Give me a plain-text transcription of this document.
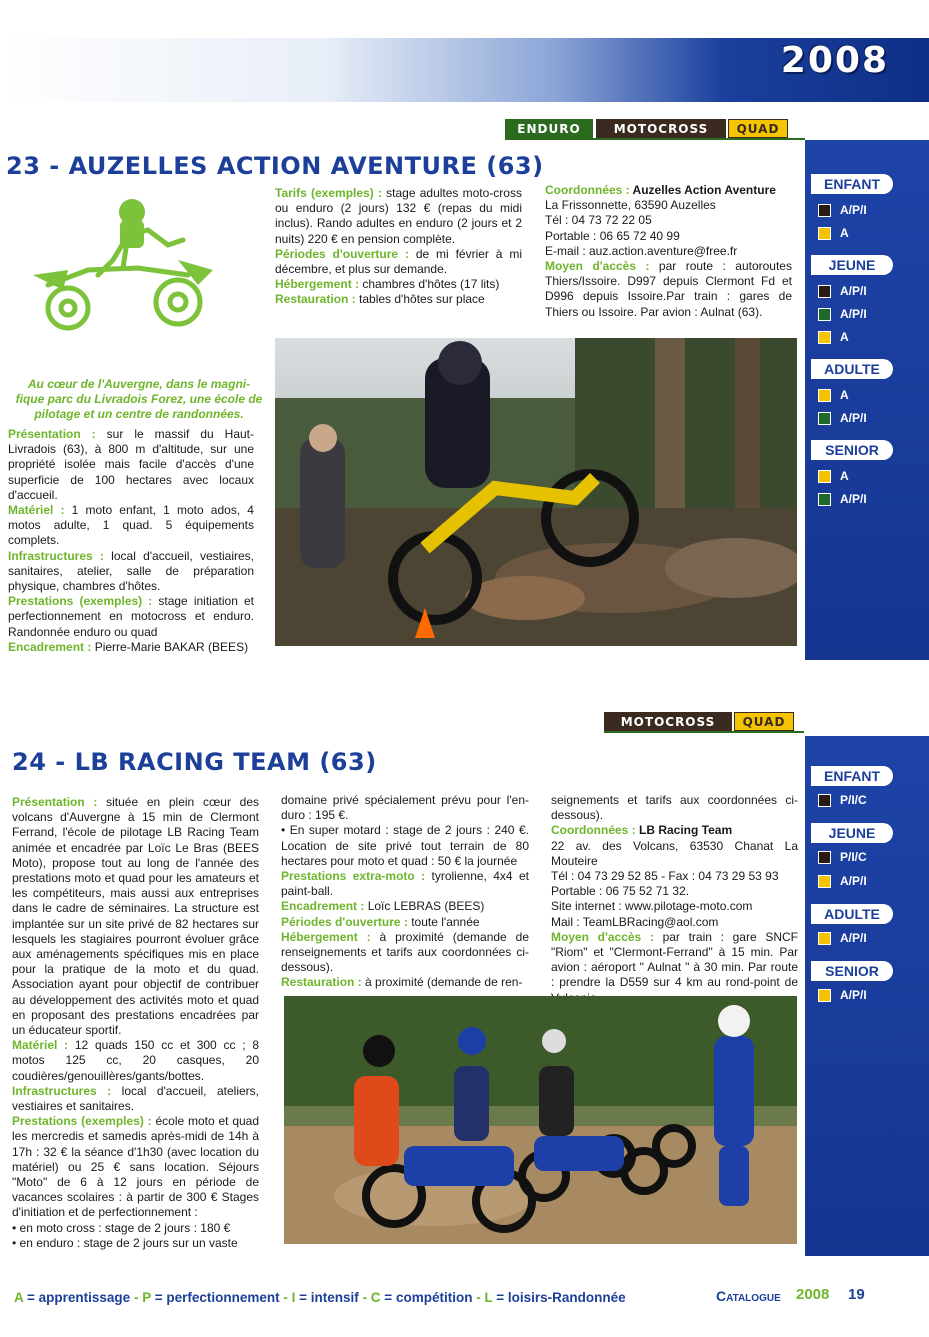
2008
ENDURO	MOTOCROSS	QUAD
23 - AUZELLES ACTION AVENTURE (63)
Au cœur de l'Auvergne, dans le magni-fique parc du Livradois Forez, une école de pilotage et un centre de randonnées.
Présentation : sur le massif du Haut-Livradois (63), à 800 m d'altitude, sur une propriété isolée mais facile d'accès d'une superficie de 100 hectares avec locaux d'accueil.
Matériel : 1 moto enfant, 1 moto ados, 4 motos adulte, 1 quad. 5 équipements complets.
Infrastructures : local d'accueil, vestiaires, sanitaires, atelier, salle de préparation physique, chambres d'hôtes.
Prestations (exemples) : stage initiation et perfectionnement en motocross et enduro. Randonnée enduro ou quad
Encadrement : Pierre-Marie BAKAR (BEES)
Tarifs (exemples) : stage adultes moto-cross ou enduro (2 jours) 132 € (repas du midi inclus). Rando adultes en enduro (2 jours et 2 nuits) 220 € en pension complète.
Périodes d'ouverture : de mi février à mi décembre, et plus sur demande.
Hébergement : chambres d'hôtes (17 lits)
Restauration : tables d'hôtes sur place
Coordonnées : Auzelles Action Aventure
La Frissonnette, 63590 Auzelles
Tél : 04 73 72 22 05
Portable : 06 65 72 40 99
E-mail : auz.action.aventure@free.fr
Moyen d'accès : par route : autoroutes Thiers/Issoire. D997 depuis Clermont Fd et D996 depuis Issoire.Par train : gares de Thiers ou Issoire. Par avion : Aulnat (63).
ENFANT
A/P/I
A
JEUNE
A/P/I
A/P/I
A
ADULTE
A
A/P/I
SENIOR
A
A/P/I
MOTOCROSS	QUAD
24 - LB RACING TEAM (63)
Présentation : située en plein cœur des volcans d'Auvergne à 15 min de Clermont Ferrand, l'école de pilotage LB Racing Team animée et encadrée par Loïc Le Bras (BEES Moto), propose tout au long de l'année des prestations moto et quad pour les amateurs et les compétiteurs, mais aussi aux entreprises dans le cadre de séminaires. La structure est implantée sur un site privé de 82 hectares sur lesquels les stagiaires pourront évoluer grâce aux aménagements spécifiques mis en place pour la pratique de la moto et du quad. Association ayant pour objectif de contribuer au développement des activités moto et quad en proposant des prestations encadrées par un éducateur sportif.
Matériel : 12 quads 150 cc et 300 cc ; 8 motos 125 cc, 20 casques, 20 coudières/genouillères/gants/bottes.
Infrastructures : local d'accueil, ateliers, vestiaires et sanitaires.
Prestations (exemples) : école moto et quad les mercredis et samedis après-midi de 14h à 17h : 32 € la séance d'1h30 (avec location du matériel) ou 25 € sans location. Séjours "Moto" de 6 à 12 jours en période de vacances scolaires : à partir de 300 € Stages d'initiation et de perfectionnement :
• en moto cross : stage de 2 jours : 180 €
• en enduro : stage de 2 jours sur un vaste
domaine privé spécialement prévu pour l'en-duro : 195 €.
• En super motard : stage de 2 jours : 240 €. Location de site privé tout terrain de 80 hectares pour moto et quad : 50 € la journée
Prestations extra-moto : tyrolienne, 4x4 et paint-ball.
Encadrement : Loïc LEBRAS (BEES)
Périodes d'ouverture : toute l'année
Hébergement : à proximité (demande de renseignements et tarifs aux coordonnées ci-dessous).
Restauration : à proximité (demande de ren-
seignements et tarifs aux coordonnées ci-dessous).
Coordonnées : LB Racing Team
22 av. des Volcans, 63530 Chanat La Mouteire
Tél : 04 73 29 52 85 - Fax : 04 73 29 53 93
Portable : 06 75 52 71 32.
Site internet : www.pilotage-moto.com
Mail : TeamLBRacing@aol.com
Moyen d'accès : par train : gare SNCF "Riom" et "Clermont-Ferrand" à 15 min. Par avion : aéroport " Aulnat " à 30 min. Par route : prendre la D559 sur 4 km au rond-point de
ENFANT
P/I/C
JEUNE
P/I/C
A/P/I
ADULTE
A/P/I
SENIOR
A/P/I
A = apprentissage - P = perfectionnement - I = intensif - C = compétition - L = loisirs-Randonnée	Catalogue 2008 19
